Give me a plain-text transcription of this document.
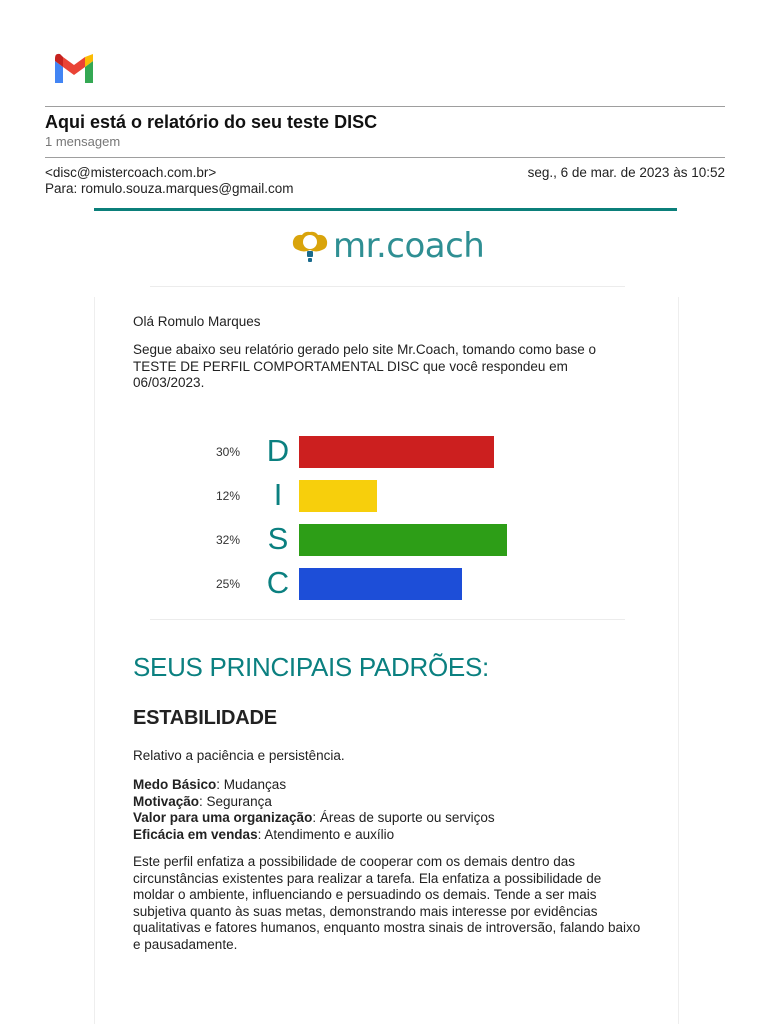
Aqui está o relatório do seu teste DISC
1 mensagem
<disc@mistercoach.com.br>	seg., 6 de mar. de 2023 às 10:52
Para: romulo.souza.marques@gmail.com
mr.coach
Olá Romulo Marques
Segue abaixo seu relatório gerado pelo site Mr.Coach, tomando como base o TESTE DE PERFIL COMPORTAMENTAL DISC que você respondeu em 06/03/2023.
30% D
12% I
32% S
25% C
SEUS PRINCIPAIS PADRÕES:
ESTABILIDADE
Relativo a paciência e persistência.
Medo Básico: Mudanças
Motivação: Segurança
Valor para uma organização: Áreas de suporte ou serviços
Eficácia em vendas: Atendimento e auxílio
Este perfil enfatiza a possibilidade de cooperar com os demais dentro das circunstâncias existentes para realizar a tarefa. Ela enfatiza a possibilidade de moldar o ambiente, influenciando e persuadindo os demais. Tende a ser mais subjetiva quanto às suas metas, demonstrando mais interesse por evidências qualitativas e fatores humanos, enquanto mostra sinais de introversão, falando baixo e pausadamente.
